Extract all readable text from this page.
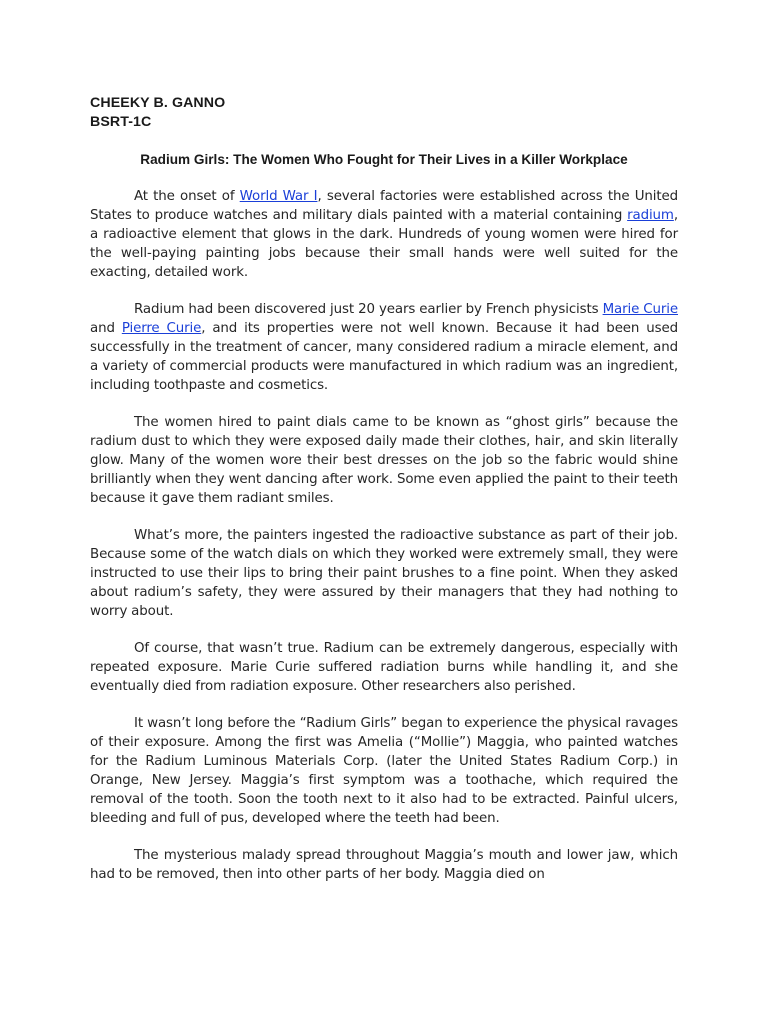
CHEEKY B. GANNO
BSRT-1C
Radium Girls: The Women Who Fought for Their Lives in a Killer Workplace

At the onset of World War I, several factories were established across the United States to produce watches and military dials painted with a material containing radium, a radioactive element that glows in the dark. Hundreds of young women were hired for the well-paying painting jobs because their small hands were well suited for the exacting, detailed work.

Radium had been discovered just 20 years earlier by French physicists Marie Curie and Pierre Curie, and its properties were not well known. Because it had been used successfully in the treatment of cancer, many considered radium a miracle element, and a variety of commercial products were manufactured in which radium was an ingredient, including toothpaste and cosmetics.

The women hired to paint dials came to be known as “ghost girls” because the radium dust to which they were exposed daily made their clothes, hair, and skin literally glow. Many of the women wore their best dresses on the job so the fabric would shine brilliantly when they went dancing after work. Some even applied the paint to their teeth because it gave them radiant smiles.

What’s more, the painters ingested the radioactive substance as part of their job. Because some of the watch dials on which they worked were extremely small, they were instructed to use their lips to bring their paint brushes to a fine point. When they asked about radium’s safety, they were assured by their managers that they had nothing to worry about.

Of course, that wasn’t true. Radium can be extremely dangerous, especially with repeated exposure. Marie Curie suffered radiation burns while handling it, and she eventually died from radiation exposure. Other researchers also perished.

It wasn’t long before the “Radium Girls” began to experience the physical ravages of their exposure. Among the first was Amelia (“Mollie”) Maggia, who painted watches for the Radium Luminous Materials Corp. (later the United States Radium Corp.) in Orange, New Jersey. Maggia’s first symptom was a toothache, which required the removal of the tooth. Soon the tooth next to it also had to be extracted. Painful ulcers, bleeding and full of pus, developed where the teeth had been.

The mysterious malady spread throughout Maggia’s mouth and lower jaw, which had to be removed, then into other parts of her body. Maggia died on
